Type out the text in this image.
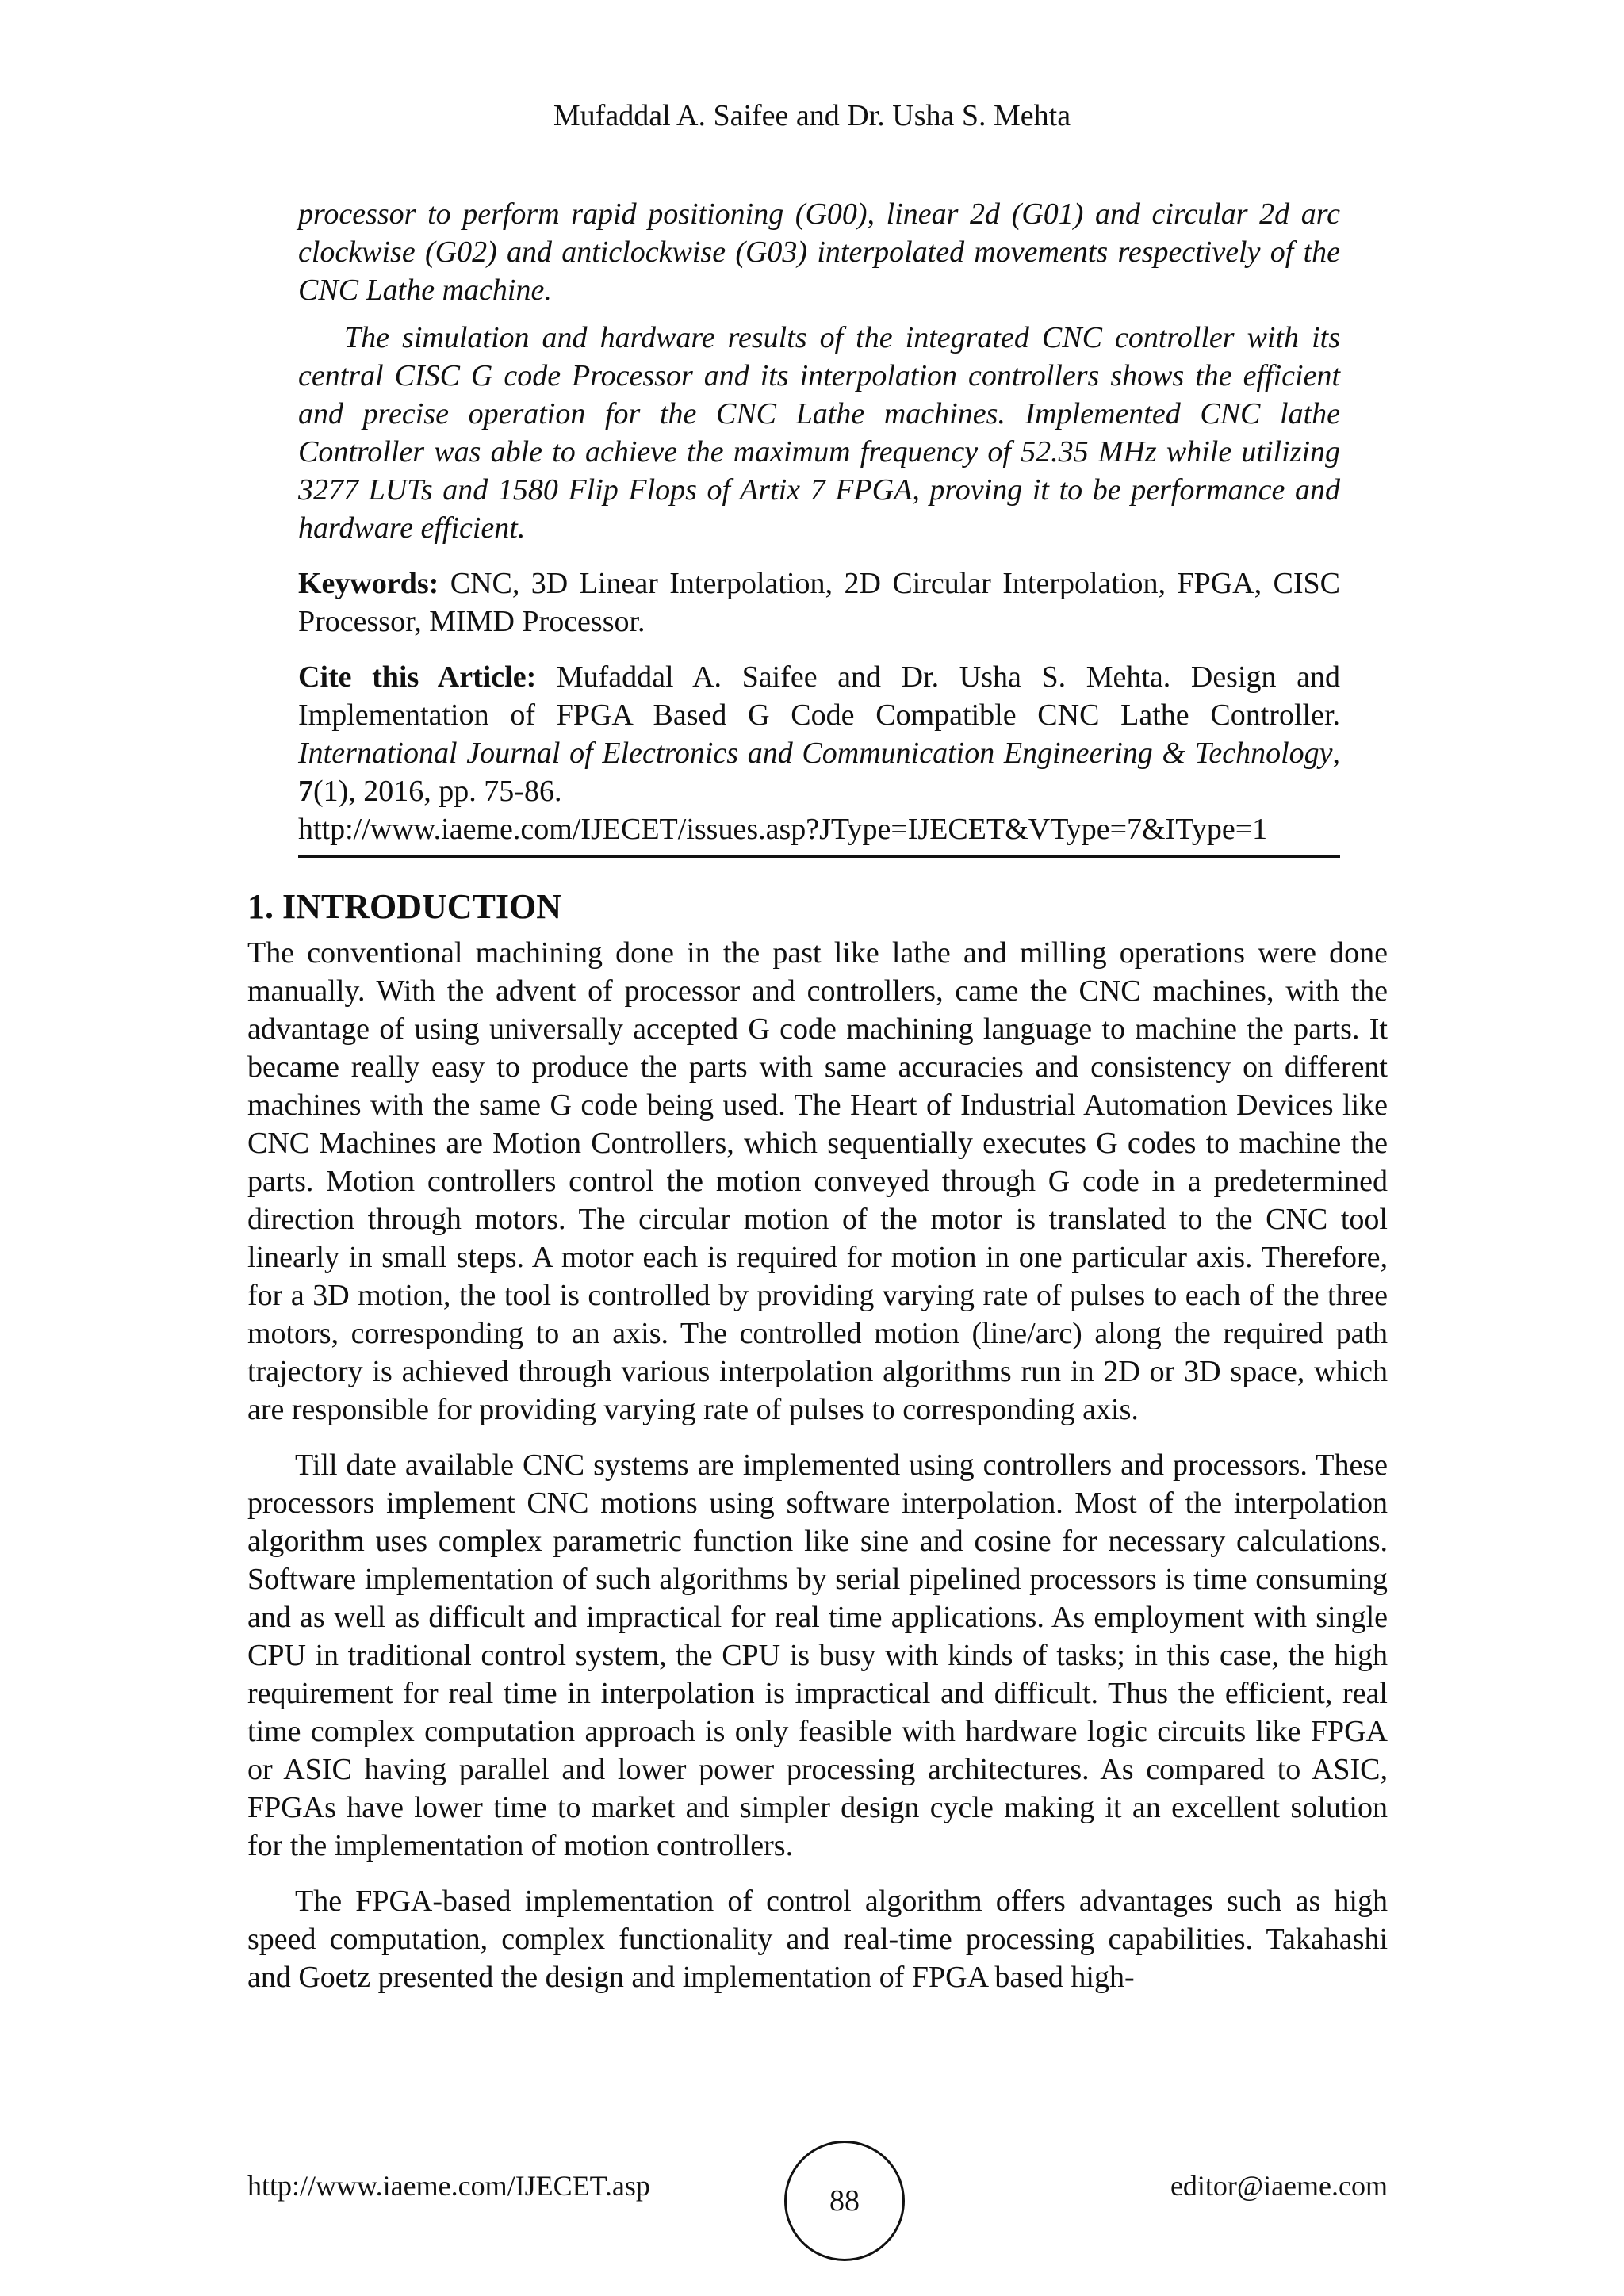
Mufaddal A. Saifee and Dr. Usha S. Mehta

processor to perform rapid positioning (G00), linear 2d (G01) and circular 2d arc clockwise (G02) and anticlockwise (G03) interpolated movements respectively of the CNC Lathe machine.

The simulation and hardware results of the integrated CNC controller with its central CISC G code Processor and its interpolation controllers shows the efficient and precise operation for the CNC Lathe machines. Implemented CNC lathe Controller was able to achieve the maximum frequency of 52.35 MHz while utilizing 3277 LUTs and 1580 Flip Flops of Artix 7 FPGA, proving it to be performance and hardware efficient.

Keywords: CNC, 3D Linear Interpolation, 2D Circular Interpolation, FPGA, CISC Processor, MIMD Processor.

Cite this Article: Mufaddal A. Saifee and Dr. Usha S. Mehta. Design and Implementation of FPGA Based G Code Compatible CNC Lathe Controller. International Journal of Electronics and Communication Engineering & Technology, 7(1), 2016, pp. 75-86.

http://www.iaeme.com/IJECET/issues.asp?JType=IJECET&VType=7&IType=1

1. INTRODUCTION

The conventional machining done in the past like lathe and milling operations were done manually. With the advent of processor and controllers, came the CNC machines, with the advantage of using universally accepted G code machining language to machine the parts. It became really easy to produce the parts with same accuracies and consistency on different machines with the same G code being used. The Heart of Industrial Automation Devices like CNC Machines are Motion Controllers, which sequentially executes G codes to machine the parts. Motion controllers control the motion conveyed through G code in a predetermined direction through motors. The circular motion of the motor is translated to the CNC tool linearly in small steps. A motor each is required for motion in one particular axis. Therefore, for a 3D motion, the tool is controlled by providing varying rate of pulses to each of the three motors, corresponding to an axis. The controlled motion (line/arc) along the required path trajectory is achieved through various interpolation algorithms run in 2D or 3D space, which are responsible for providing varying rate of pulses to corresponding axis.

Till date available CNC systems are implemented using controllers and processors. These processors implement CNC motions using software interpolation. Most of the interpolation algorithm uses complex parametric function like sine and cosine for necessary calculations. Software implementation of such algorithms by serial pipelined processors is time consuming and as well as difficult and impractical for real time applications. As employment with single CPU in traditional control system, the CPU is busy with kinds of tasks; in this case, the high requirement for real time in interpolation is impractical and difficult. Thus the efficient, real time complex computation approach is only feasible with hardware logic circuits like FPGA or ASIC having parallel and lower power processing architectures. As compared to ASIC, FPGAs have lower time to market and simpler design cycle making it an excellent solution for the implementation of motion controllers.

The FPGA-based implementation of control algorithm offers advantages such as high speed computation, complex functionality and real-time processing capabilities. Takahashi and Goetz presented the design and implementation of FPGA based high-

http://www.iaeme.com/IJECET.asp	88	editor@iaeme.com
